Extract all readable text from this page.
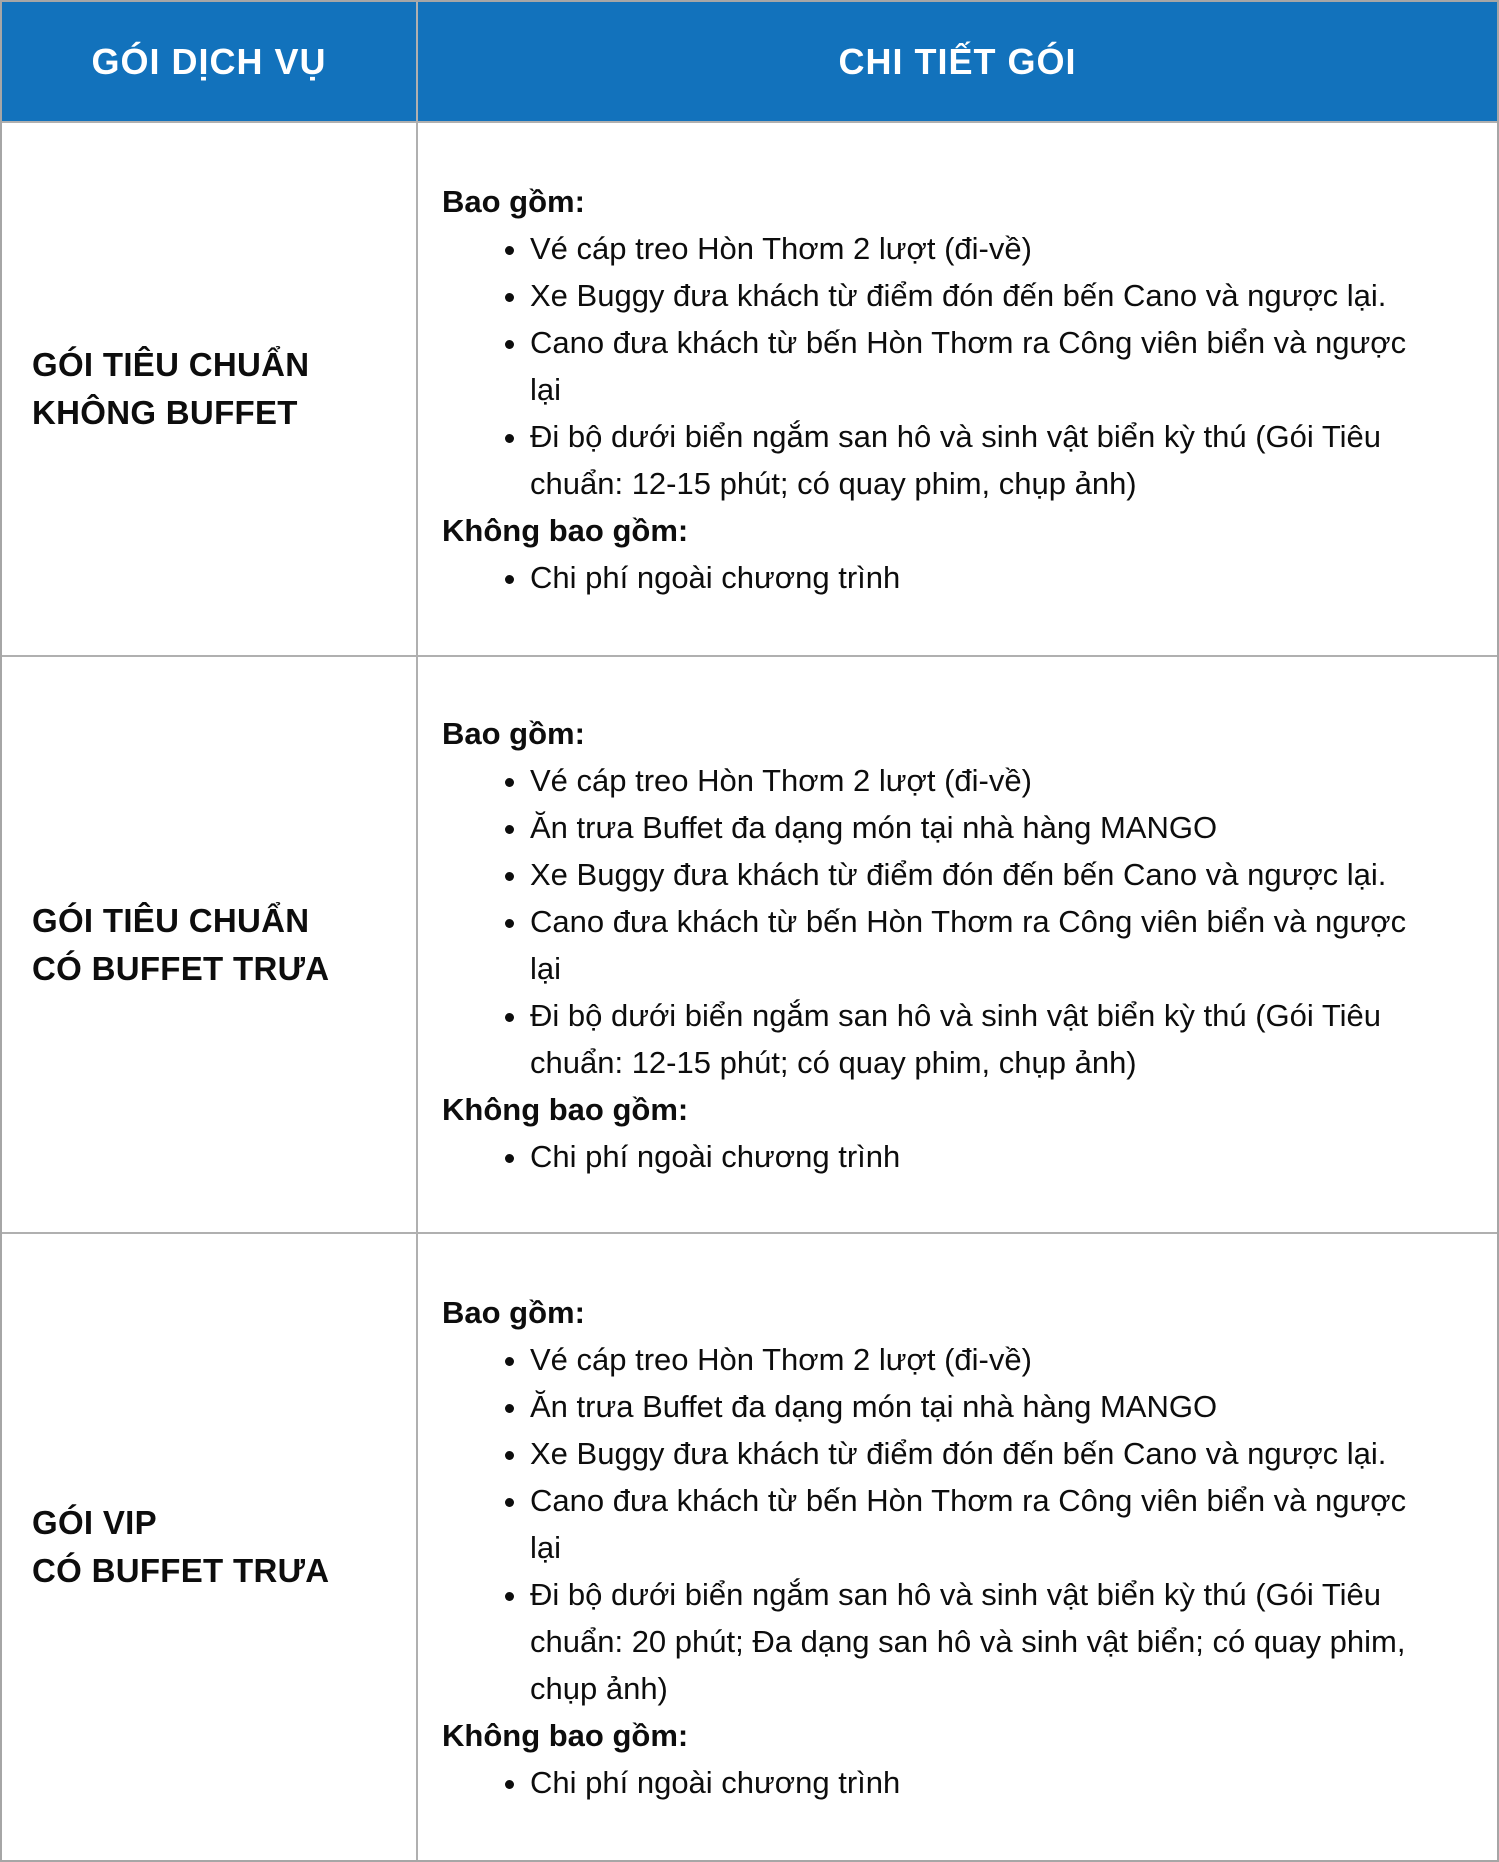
GÓI DỊCH VỤ	CHI TIẾT GÓI
GÓI TIÊU CHUẨN
KHÔNG BUFFET

Bao gồm:

• Vé cáp treo Hòn Thơm 2 lượt (đi-về)
• Xe Buggy đưa khách từ điểm đón đến bến Cano và ngược lại.
• Cano đưa khách từ bến Hòn Thơm ra Công viên biển và ngược lại
• Đi bộ dưới biển ngắm san hô và sinh vật biển kỳ thú (Gói Tiêu chuẩn: 12-15 phút; có quay phim, chụp ảnh)

Không bao gồm:

• Chi phí ngoài chương trình
GÓI TIÊU CHUẨN
CÓ BUFFET TRƯA

Bao gồm:

• Vé cáp treo Hòn Thơm 2 lượt (đi-về)
• Ăn trưa Buffet đa dạng món tại nhà hàng MANGO
• Xe Buggy đưa khách từ điểm đón đến bến Cano và ngược lại.
• Cano đưa khách từ bến Hòn Thơm ra Công viên biển và ngược lại
• Đi bộ dưới biển ngắm san hô và sinh vật biển kỳ thú (Gói Tiêu chuẩn: 12-15 phút; có quay phim, chụp ảnh)

Không bao gồm:

• Chi phí ngoài chương trình
GÓI VIP
CÓ BUFFET TRƯA

Bao gồm:

• Vé cáp treo Hòn Thơm 2 lượt (đi-về)
• Ăn trưa Buffet đa dạng món tại nhà hàng MANGO
• Xe Buggy đưa khách từ điểm đón đến bến Cano và ngược lại.
• Cano đưa khách từ bến Hòn Thơm ra Công viên biển và ngược lại
• Đi bộ dưới biển ngắm san hô và sinh vật biển kỳ thú (Gói Tiêu chuẩn: 20 phút; Đa dạng san hô và sinh vật biển; có quay phim, chụp ảnh)

Không bao gồm:

• Chi phí ngoài chương trình
